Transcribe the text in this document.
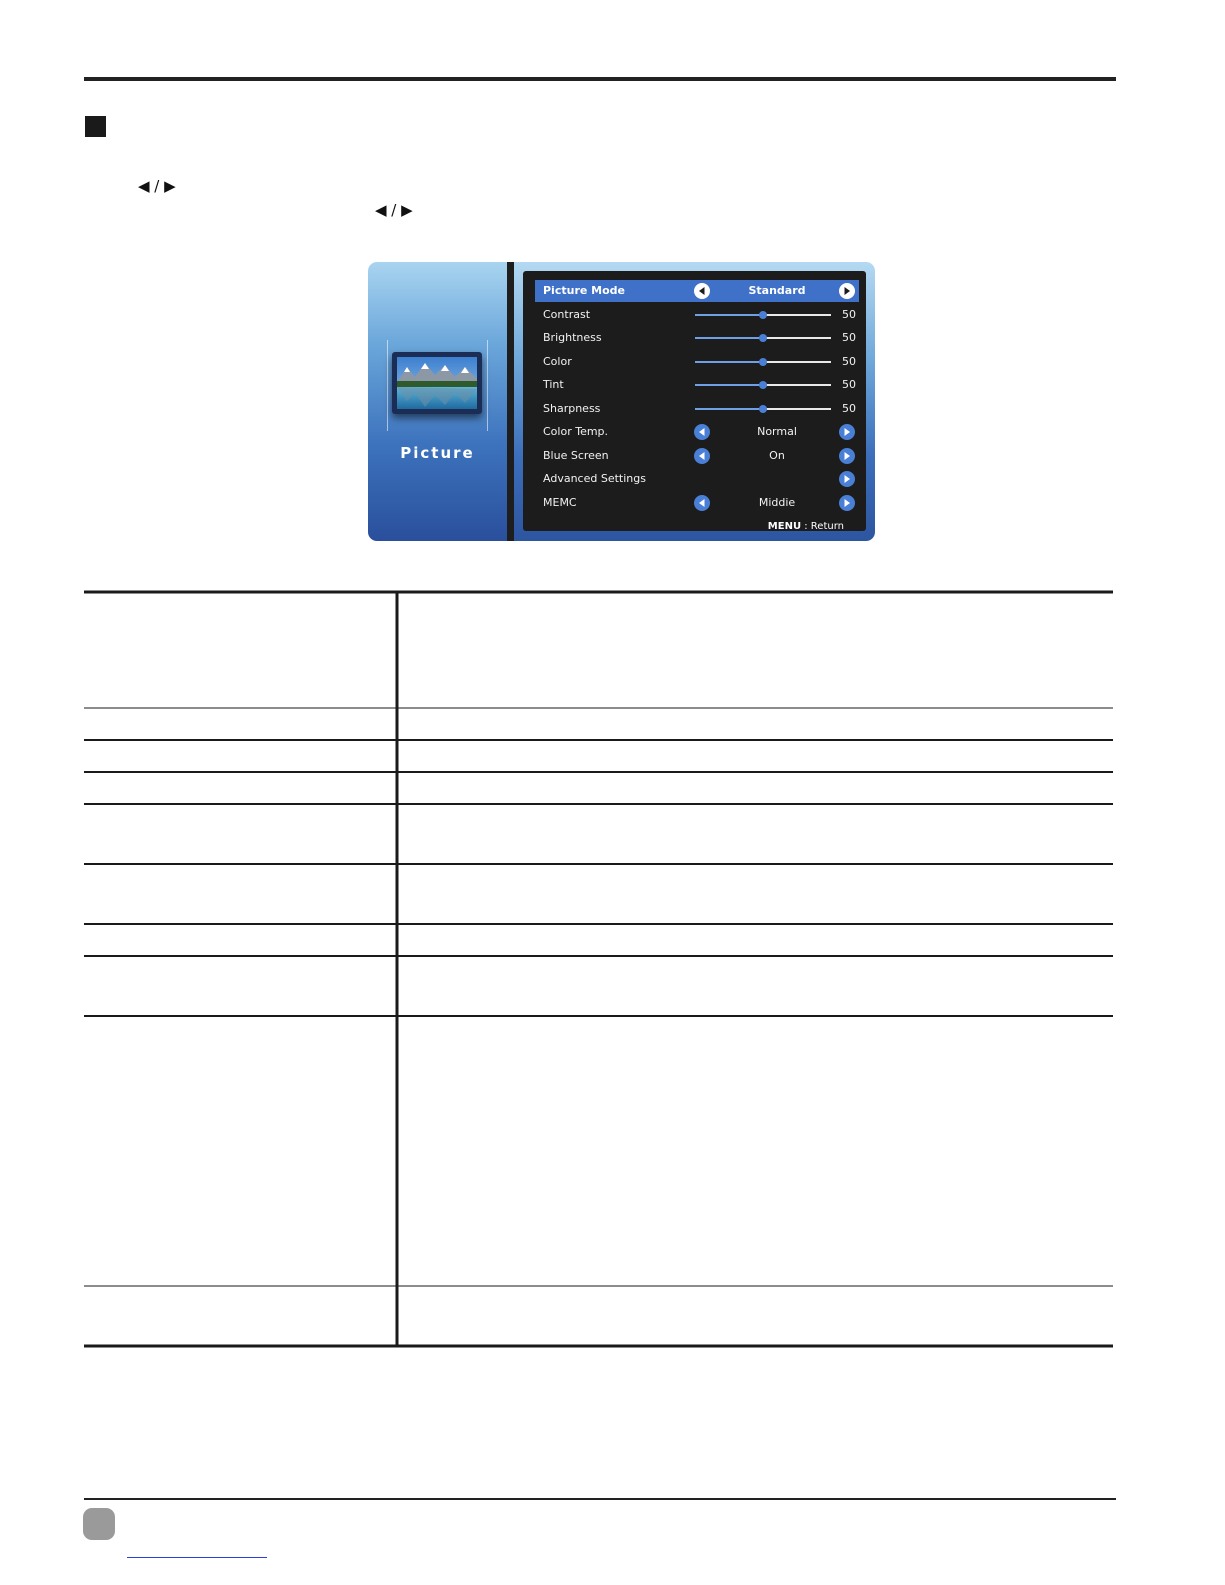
◀ / ▶
◀ / ▶
Picture
Picture Mode	Standard
Contrast	50
Brightness	50
Color	50
Tint	50
Sharpness	50
Color Temp.	Normal
Blue Screen	On
Advanced Settings
MEMC	Middie
MENU : Return
